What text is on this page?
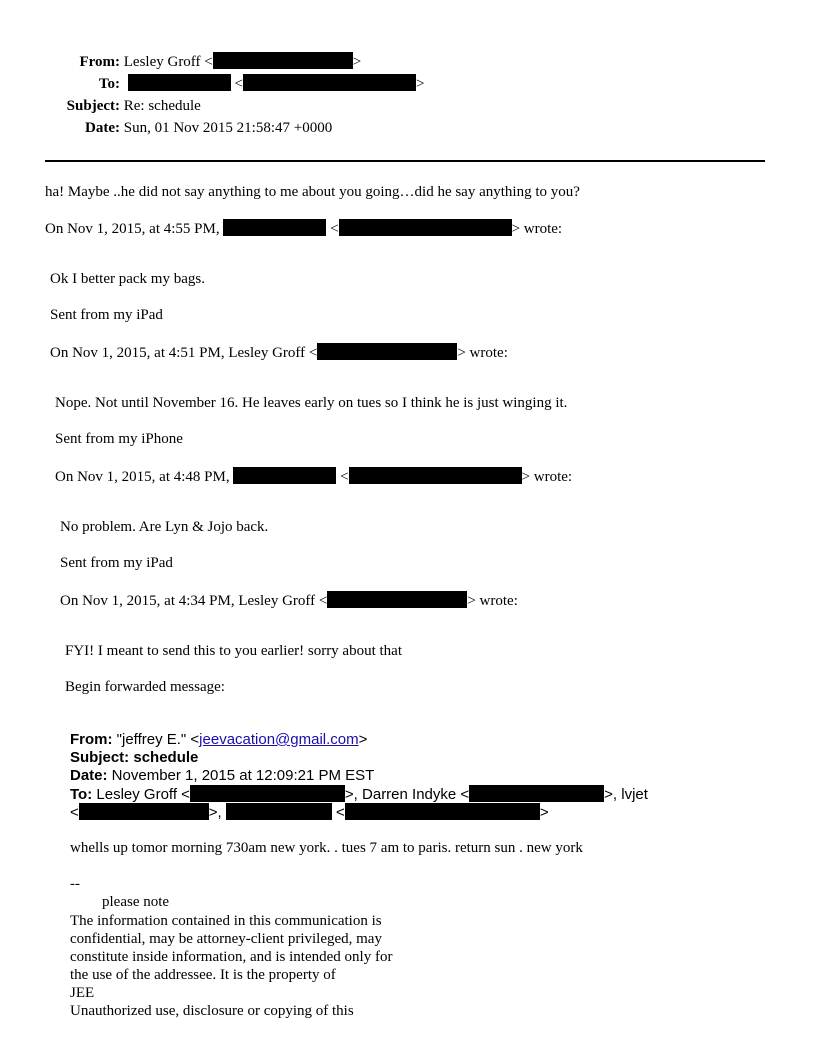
From: Lesley Groff <	>
To:	<	>
Subject: Re: schedule
Date: Sun, 01 Nov 2015 21:58:47 +0000
ha! Maybe ..he did not say anything to me about you going…did he say anything to you?
On Nov 1, 2015, at 4:55 PM,	<	> wrote:
Ok I better pack my bags.
Sent from my iPad
On Nov 1, 2015, at 4:51 PM, Lesley Groff <	> wrote:
Nope. Not until November 16. He leaves early on tues so I think he is just winging it.
Sent from my iPhone
On Nov 1, 2015, at 4:48 PM,	<	> wrote:
No problem. Are Lyn & Jojo back.
Sent from my iPad
On Nov 1, 2015, at 4:34 PM, Lesley Groff <	> wrote:
FYI! I meant to send this to you earlier! sorry about that
Begin forwarded message:
From: "jeffrey E." <jeevacation@gmail.com>
Subject: schedule
Date: November 1, 2015 at 12:09:21 PM EST
To: Lesley Groff <	>, Darren Indyke <	>, lvjet
<	>,	<	>
whells up tomor morning 730am new york. . tues 7 am to paris. return sun . new york
--
please note
The information contained in this communication is
confidential, may be attorney-client privileged, may
constitute inside information, and is intended only for
the use of the addressee. It is the property of
JEE
Unauthorized use, disclosure or copying of this
